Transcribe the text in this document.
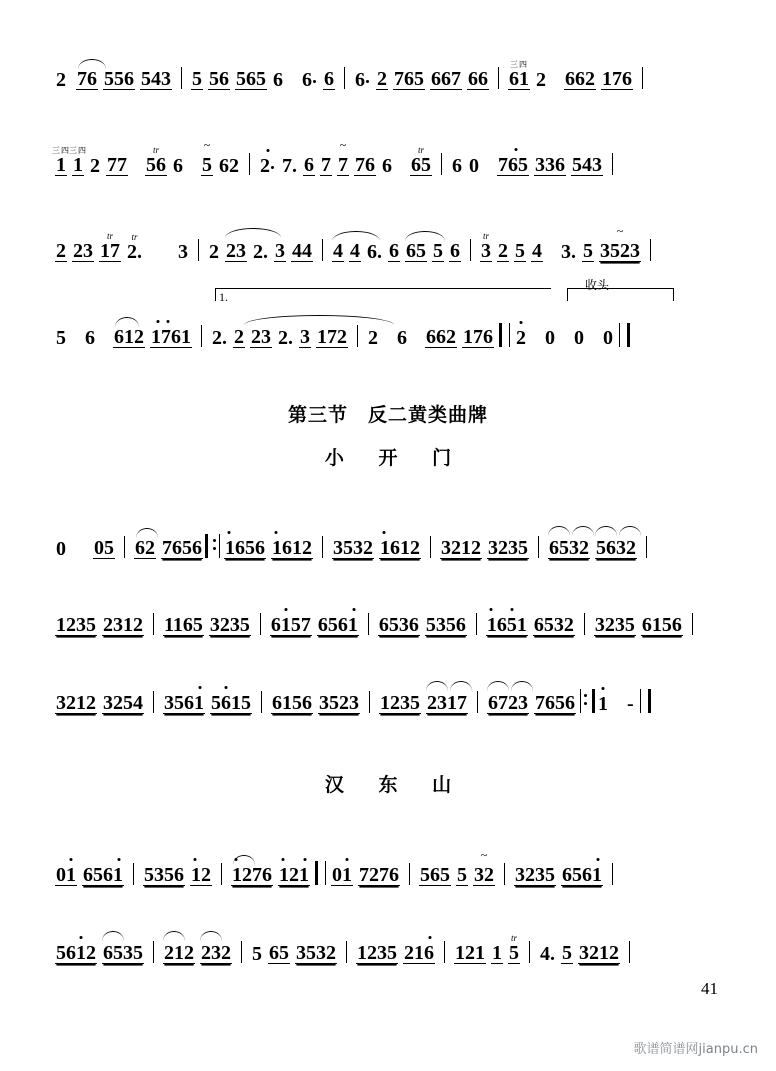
2 76 556 543 5 56 565 6 6 6 6 2 765 667 66
三四
61 2 662 176
三四
1
三四
1 2 77
tr
56 6
~
5 62 2 7. 6 7
~
7 76 6
tr
65 6 0 765 336 543
2 23
tr
17
tr
2. 3 2 23 2. 3 44 4 4 6. 6 65 5 6
tr
3 2 5 4 3. 5
~
3523
1.
收头
5 6 612 1761 2. 2 23 2. 3 172 2 6 662 176 2 0 0 0
第三节　反二黄类曲牌
小 开 门
0 05 62 7656 1656 1612 3532 1612 3212 3235 6532 5632
1235 2312 1165 3235 6157 6561 6536 5356 1651 6532 3235 6156
3212 3254 3561 5615 6156 3523 1235 2317 6723 7656 1 -
汉 东 山
01 6561 5356 12 1276 121 01 7276 565 5
~
32 3235 6561
5612 6535 212 232 5 65 3532 1235 216 121 1
tr
5 4. 5 3212
41
歌谱简谱网jianpu.cn
